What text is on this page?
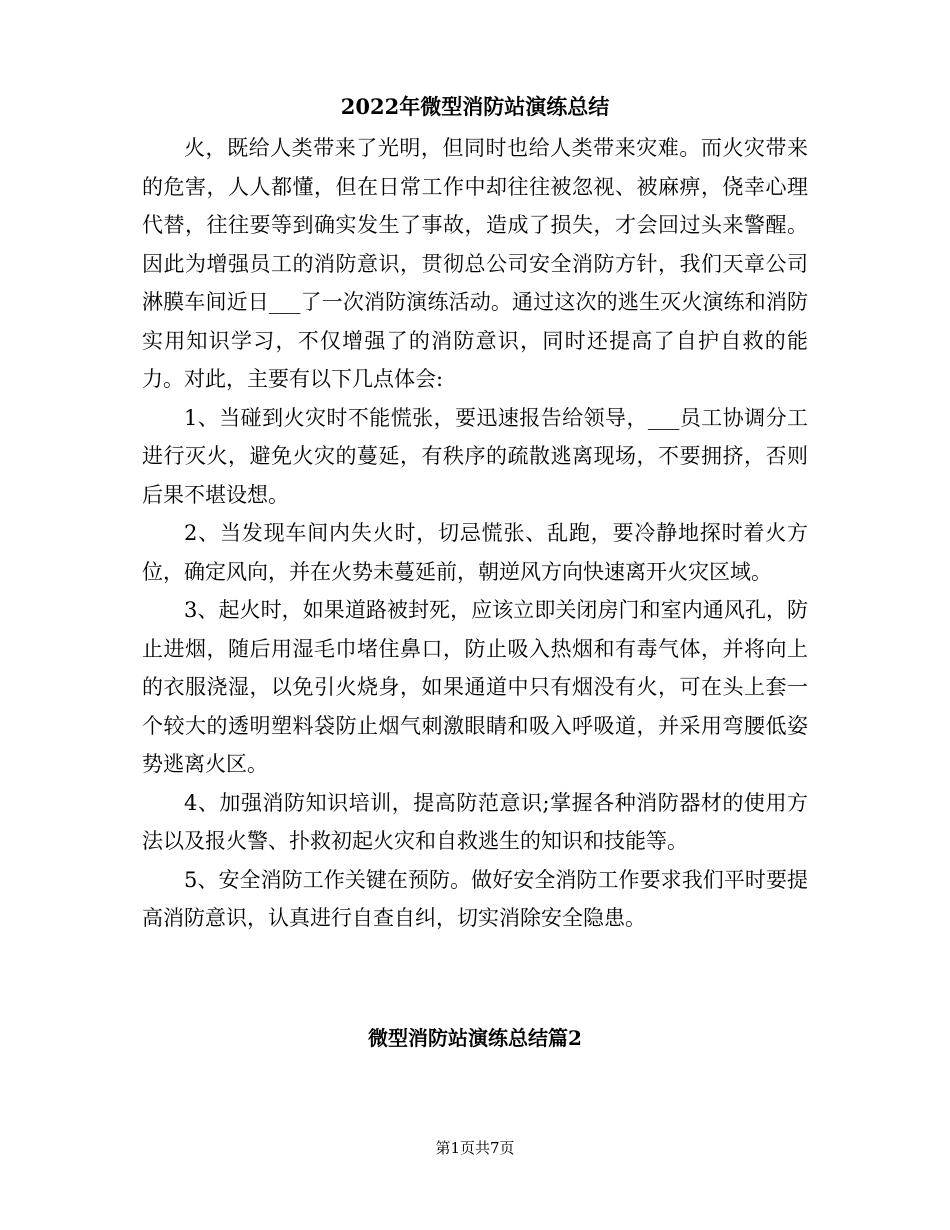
2022年微型消防站演练总结

火，既给人类带来了光明，但同时也给人类带来灾难。而火灾带来的危害，人人都懂，但在日常工作中却往往被忽视、被麻痹，侥幸心理代替，往往要等到确实发生了事故，造成了损失，才会回过头来警醒。因此为增强员工的消防意识，贯彻总公司安全消防方针，我们天章公司淋膜车间近日___了一次消防演练活动。通过这次的逃生灭火演练和消防实用知识学习，不仅增强了的消防意识，同时还提高了自护自救的能力。对此，主要有以下几点体会:

1、当碰到火灾时不能慌张，要迅速报告给领导，___员工协调分工进行灭火，避免火灾的蔓延，有秩序的疏散逃离现场，不要拥挤，否则后果不堪设想。

2、当发现车间内失火时，切忌慌张、乱跑，要冷静地探时着火方位，确定风向，并在火势未蔓延前，朝逆风方向快速离开火灾区域。

3、起火时，如果道路被封死，应该立即关闭房门和室内通风孔，防止进烟，随后用湿毛巾堵住鼻口，防止吸入热烟和有毒气体，并将向上的衣服浇湿，以免引火烧身，如果通道中只有烟没有火，可在头上套一个较大的透明塑料袋防止烟气刺激眼睛和吸入呼吸道，并采用弯腰低姿势逃离火区。

4、加强消防知识培训，提高防范意识;掌握各种消防器材的使用方法以及报火警、扑救初起火灾和自救逃生的知识和技能等。

5、安全消防工作关键在预防。做好安全消防工作要求我们平时要提高消防意识，认真进行自查自纠，切实消除安全隐患。

微型消防站演练总结篇2
第1页共7页
